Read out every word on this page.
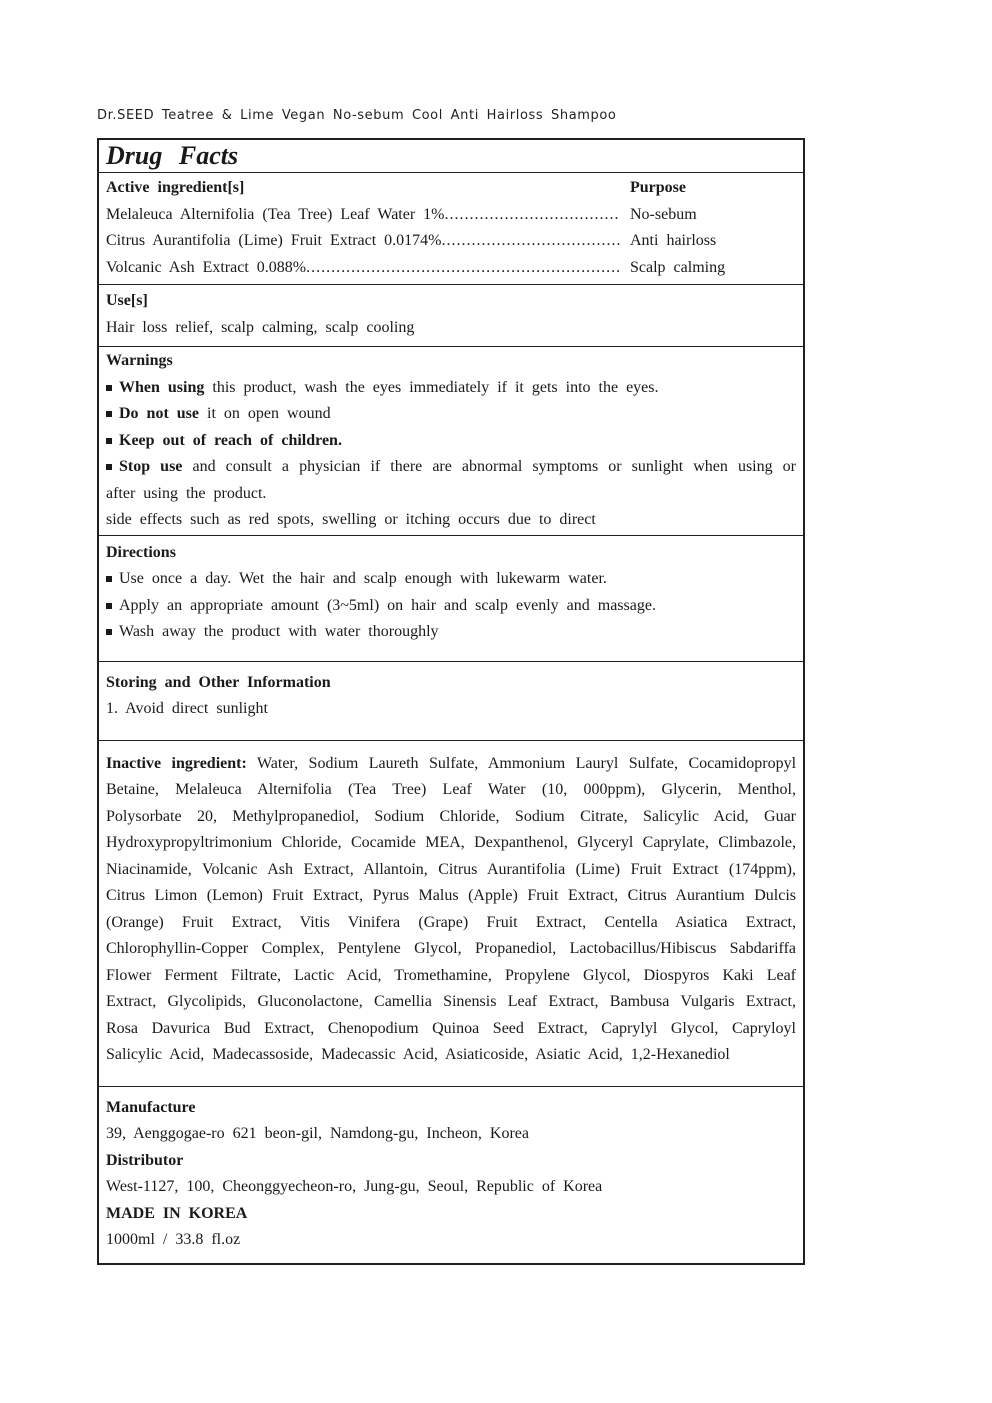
Dr.SEED Teatree & Lime Vegan No-sebum Cool Anti Hairloss Shampoo
Drug Facts
Active ingredient[s]	Purpose
Melaleuca Alternifolia (Tea Tree) Leaf Water 1% .....	No-sebum
Citrus Aurantifolia (Lime) Fruit Extract 0.0174% .....	Anti hairloss
Volcanic Ash Extract 0.088% .....	Scalp calming
Use[s]
Hair loss relief, scalp calming, scalp cooling
Warnings
When using this product, wash the eyes immediately if it gets into the eyes.
Do not use it on open wound
Keep out of reach of children.
Stop use and consult a physician if there are abnormal symptoms or sunlight when using or after using the product.
side effects such as red spots, swelling or itching occurs due to direct
Directions
Use once a day. Wet the hair and scalp enough with lukewarm water.
Apply an appropriate amount (3~5ml) on hair and scalp evenly and massage.
Wash away the product with water thoroughly
Storing and Other Information
1. Avoid direct sunlight

Inactive ingredient: Water, Sodium Laureth Sulfate, Ammonium Lauryl Sulfate, Cocamidopropyl Betaine, Melaleuca Alternifolia (Tea Tree) Leaf Water (10, 000ppm), Glycerin, Menthol, Polysorbate 20, Methylpropanediol, Sodium Chloride, Sodium Citrate, Salicylic Acid, Guar Hydroxypropyltrimonium Chloride, Cocamide MEA, Dexpanthenol, Glyceryl Caprylate, Climbazole, Niacinamide, Volcanic Ash Extract, Allantoin, Citrus Aurantifolia (Lime) Fruit Extract (174ppm), Citrus Limon (Lemon) Fruit Extract, Pyrus Malus (Apple) Fruit Extract, Citrus Aurantium Dulcis (Orange) Fruit Extract, Vitis Vinifera (Grape) Fruit Extract, Centella Asiatica Extract, Chlorophyllin-Copper Complex, Pentylene Glycol, Propanediol, Lactobacillus/Hibiscus Sabdariffa Flower Ferment Filtrate, Lactic Acid, Tromethamine, Propylene Glycol, Diospyros Kaki Leaf Extract, Glycolipids, Gluconolactone, Camellia Sinensis Leaf Extract, Bambusa Vulgaris Extract, Rosa Davurica Bud Extract, Chenopodium Quinoa Seed Extract, Caprylyl Glycol, Capryloyl Salicylic Acid, Madecassoside, Madecassic Acid, Asiaticoside, Asiatic Acid, 1,2-Hexanediol

Manufacture
39, Aenggogae-ro 621 beon-gil, Namdong-gu, Incheon, Korea
Distributor
West-1127, 100, Cheonggyecheon-ro, Jung-gu, Seoul, Republic of Korea
MADE IN KOREA
1000ml / 33.8 fl.oz
